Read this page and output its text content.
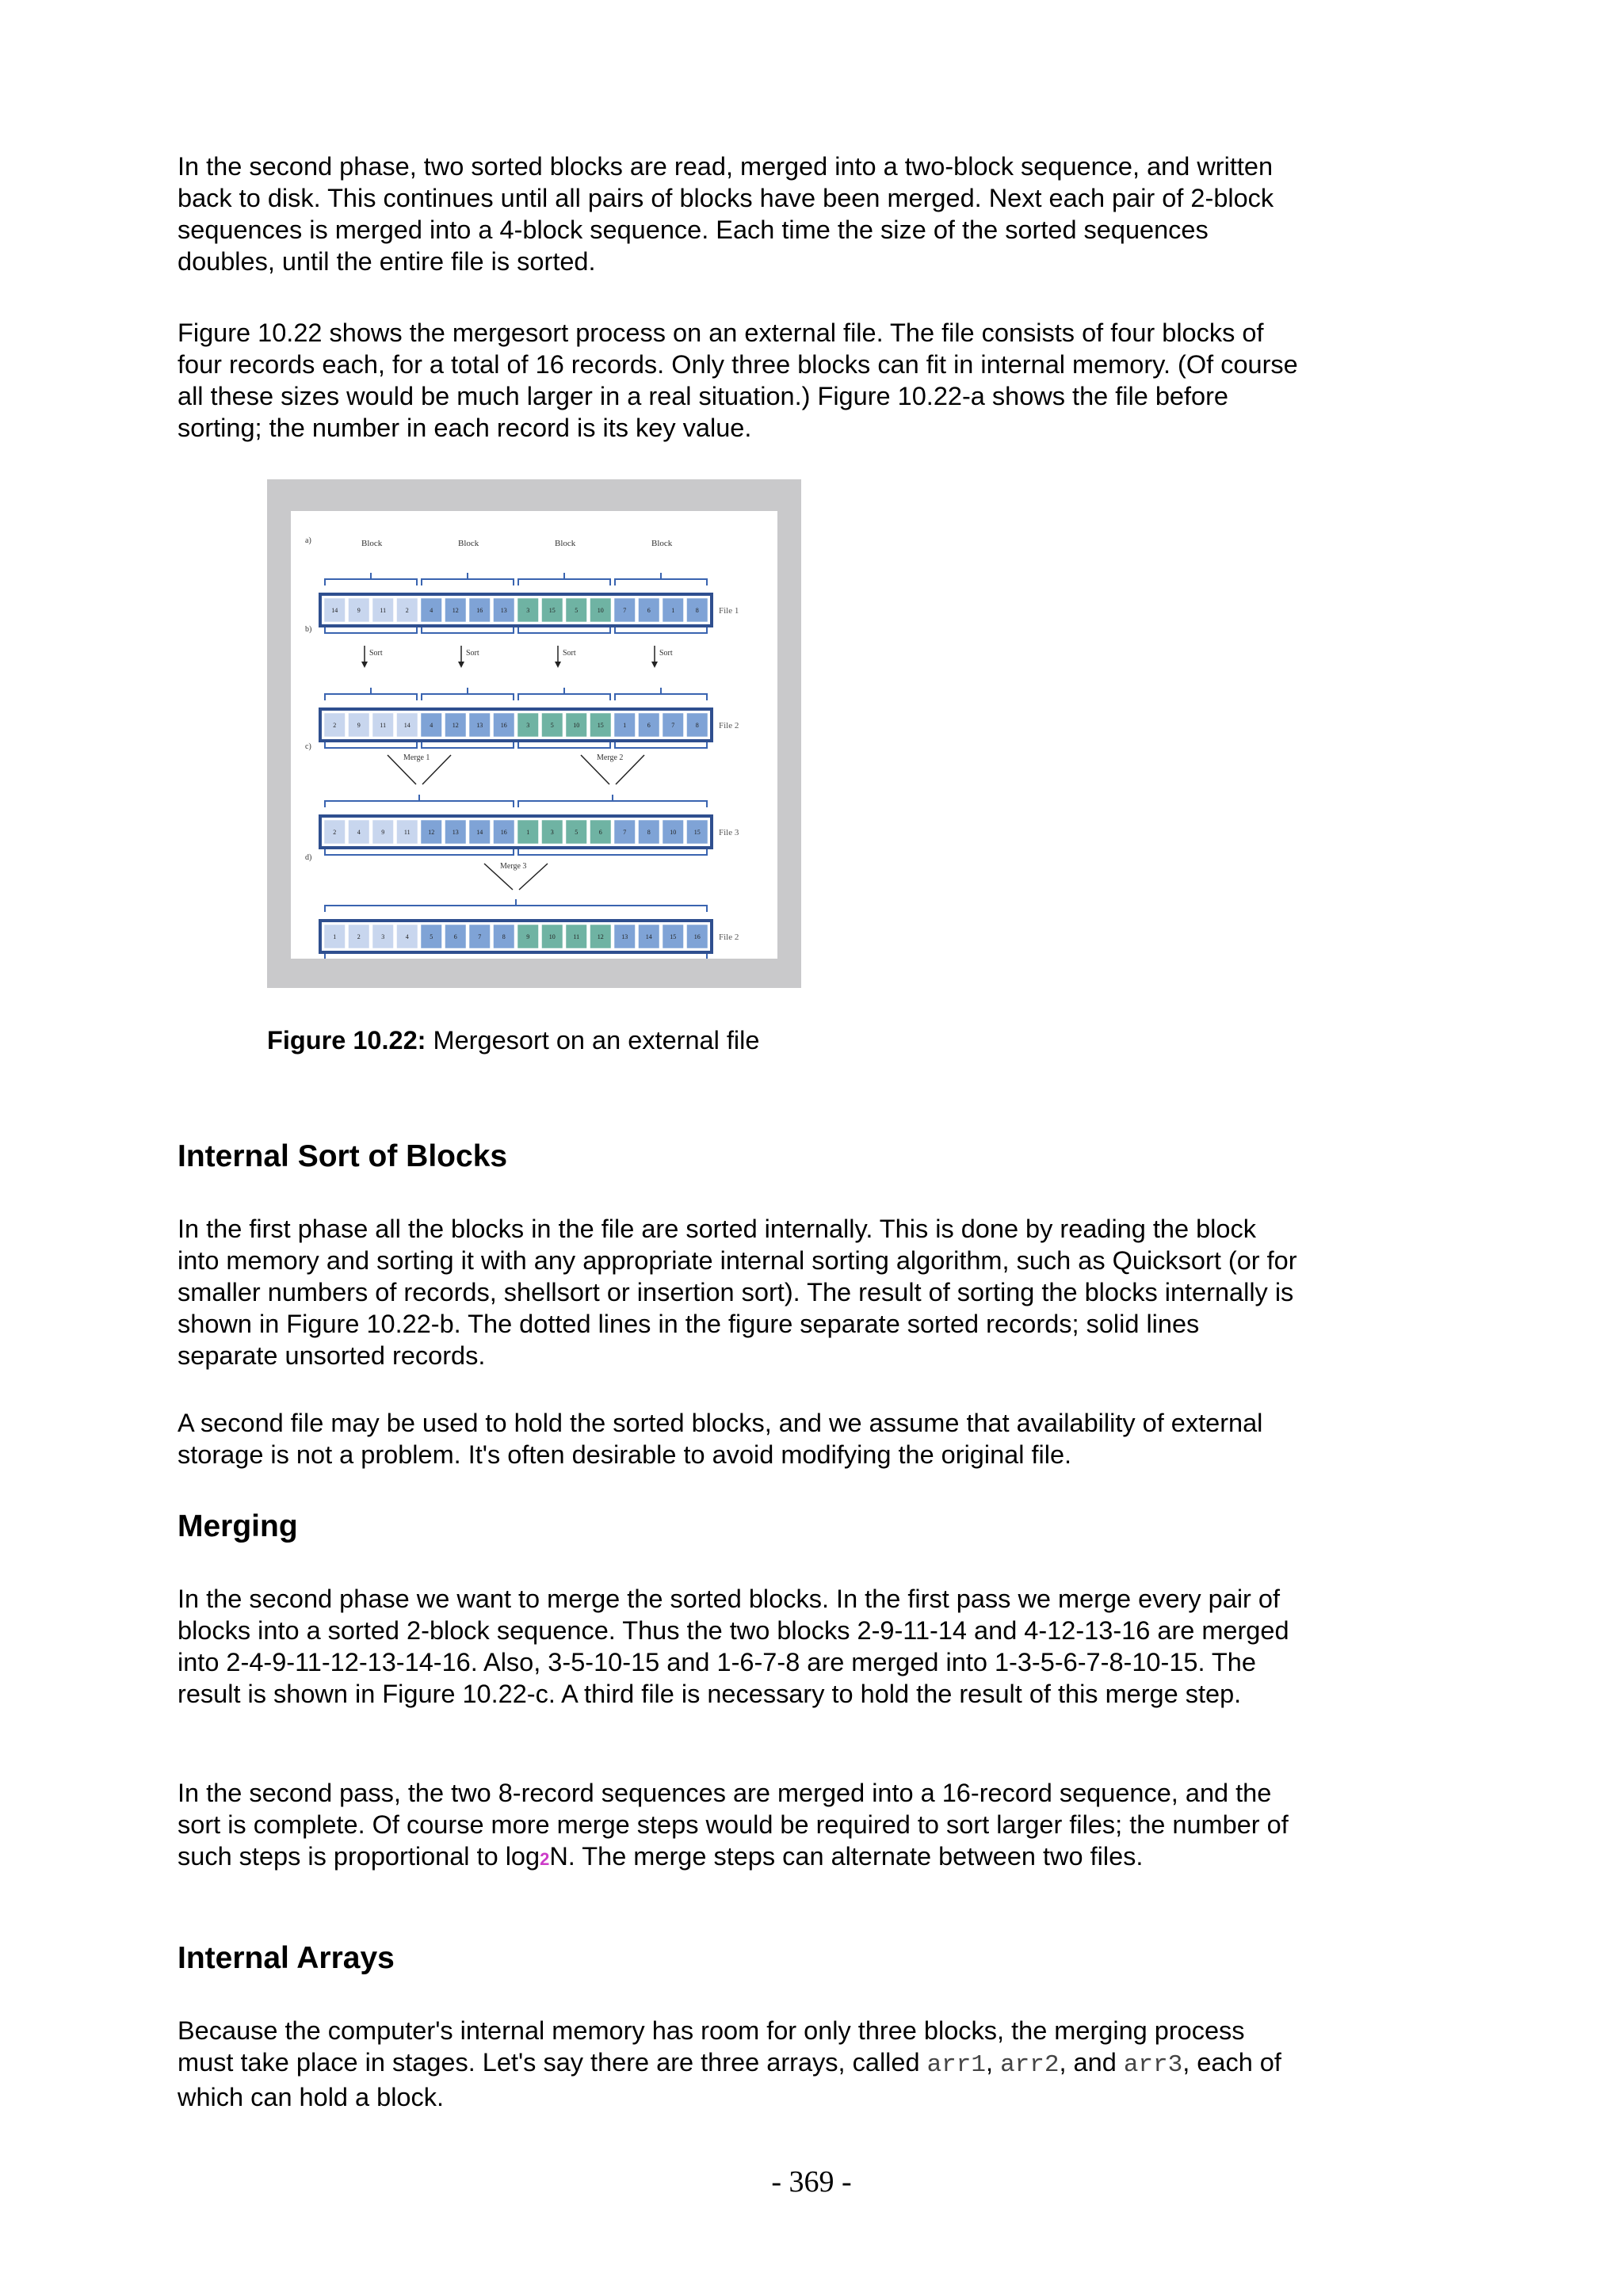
In the second phase, two sorted blocks are read, merged into a two-block sequence, and written back to disk. This continues until all pairs of blocks have been merged. Next each pair of 2-block sequences is merged into a 4-block sequence. Each time the size of the sorted sequences doubles, until the entire file is sorted.

Figure 10.22 shows the mergesort process on an external file. The file consists of four blocks of four records each, for a total of 16 records. Only three blocks can fit in internal memory. (Of course all these sizes would be much larger in a real situation.) Figure 10.22-a shows the file before sorting; the number in each record is its key value.

a)
b)
c)
d)
Block	Block	Block	Block
14	9	11	2	4	12	16	13	3	15	5	10	7	6	1	8 File 1
2	9	11	14	4	12	13	16	3	5	10	15	1	6	7	8 File 2
2	4	9	11	12	13	14	16	1	3	5	6	7	8	10	15 File 3
1	2	3	4	5	6	7	8	9	10	11	12	13	14	15	16 File 2
Sort	Sort	Sort	Sort
Merge 1	Merge 2
Merge 3
Figure 10.22: Mergesort on an external file
Internal Sort of Blocks

In the first phase all the blocks in the file are sorted internally. This is done by reading the block into memory and sorting it with any appropriate internal sorting algorithm, such as Quicksort (or for smaller numbers of records, shellsort or insertion sort). The result of sorting the blocks internally is shown in Figure 10.22-b. The dotted lines in the figure separate sorted records; solid lines separate unsorted records.

A second file may be used to hold the sorted blocks, and we assume that availability of external storage is not a problem. It's often desirable to avoid modifying the original file.

Merging

In the second phase we want to merge the sorted blocks. In the first pass we merge every pair of blocks into a sorted 2-block sequence. Thus the two blocks 2-9-11-14 and 4-12-13-16 are merged into 2-4-9-11-12-13-14-16. Also, 3-5-10-15 and 1-6-7-8 are merged into 1-3-5-6-7-8-10-15. The result is shown in Figure 10.22-c. A third file is necessary to hold the result of this merge step.

In the second pass, the two 8-record sequences are merged into a 16-record sequence, and the sort is complete. Of course more merge steps would be required to sort larger files; the number of such steps is proportional to log2N. The merge steps can alternate between two files.

Internal Arrays

Because the computer's internal memory has room for only three blocks, the merging process must take place in stages. Let's say there are three arrays, called arr1, arr2, and arr3, each of which can hold a block.

- 369 -
